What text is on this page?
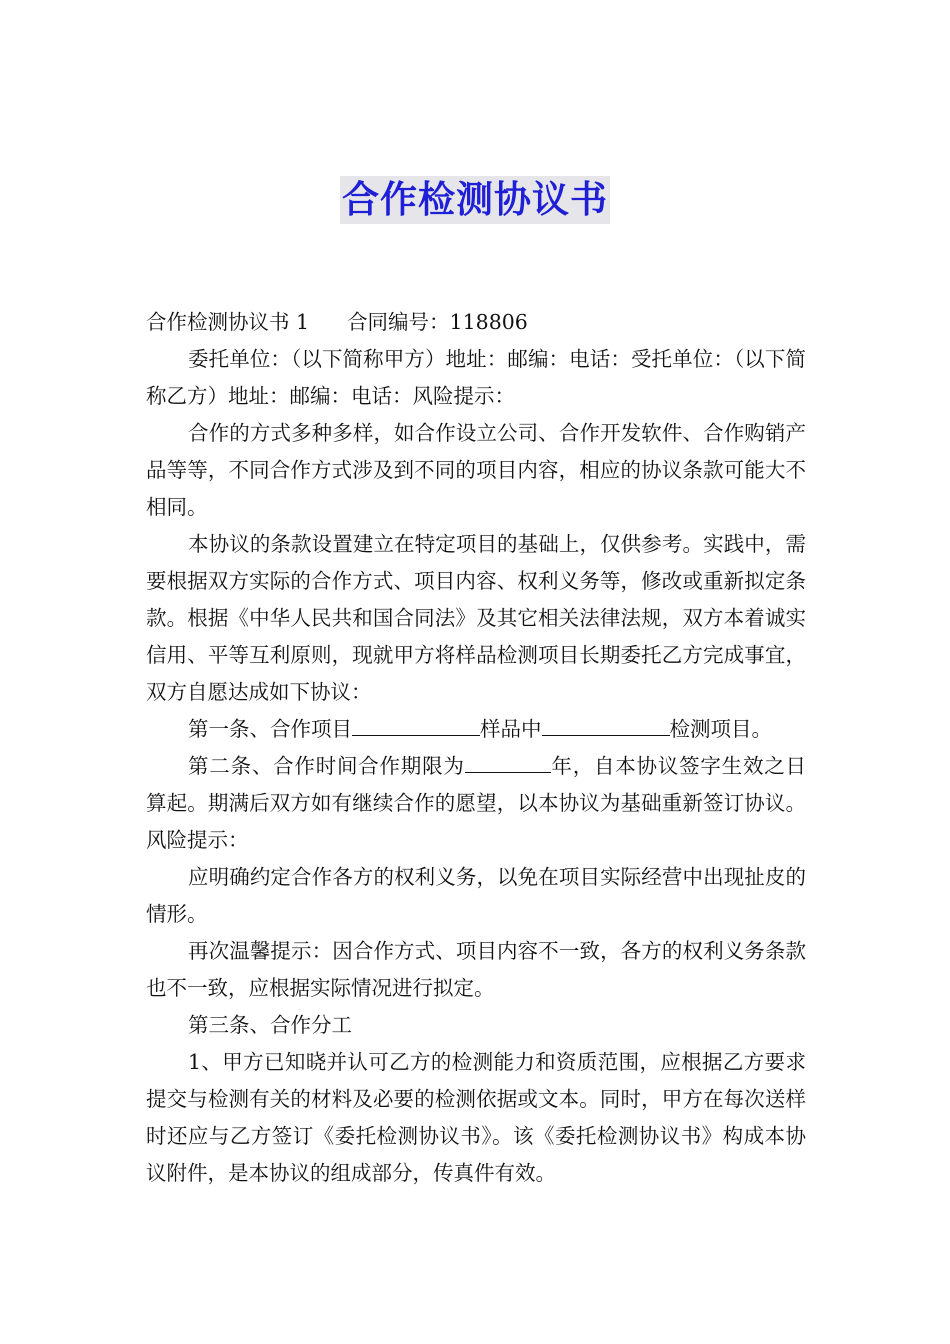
合作检测协议书

合作检测协议书 1 合同编号：118806

委托单位：（以下简称甲方）地址：邮编：电话：受托单位：（以下简称乙方）地址：邮编：电话：风险提示：

合作的方式多种多样，如合作设立公司、合作开发软件、合作购销产品等等，不同合作方式涉及到不同的项目内容，相应的协议条款可能大不相同。

本协议的条款设置建立在特定项目的基础上，仅供参考。实践中，需要根据双方实际的合作方式、项目内容、权利义务等，修改或重新拟定条款。根据《中华人民共和国合同法》及其它相关法律法规，双方本着诚实信用、平等互利原则，现就甲方将样品检测项目长期委托乙方完成事宜，双方自愿达成如下协议：

第一条、合作项目	样品中	检测项目。

第二条、合作时间合作期限为	年，自本协议签字生效之日算起。期满后双方如有继续合作的愿望，以本协议为基础重新签订协议。风险提示：

应明确约定合作各方的权利义务，以免在项目实际经营中出现扯皮的情形。

再次温馨提示：因合作方式、项目内容不一致，各方的权利义务条款也不一致，应根据实际情况进行拟定。

第三条、合作分工

1、甲方已知晓并认可乙方的检测能力和资质范围，应根据乙方要求提交与检测有关的材料及必要的检测依据或文本。同时，甲方在每次送样时还应与乙方签订《委托检测协议书》。该《委托检测协议书》构成本协议附件，是本协议的组成部分，传真件有效。
